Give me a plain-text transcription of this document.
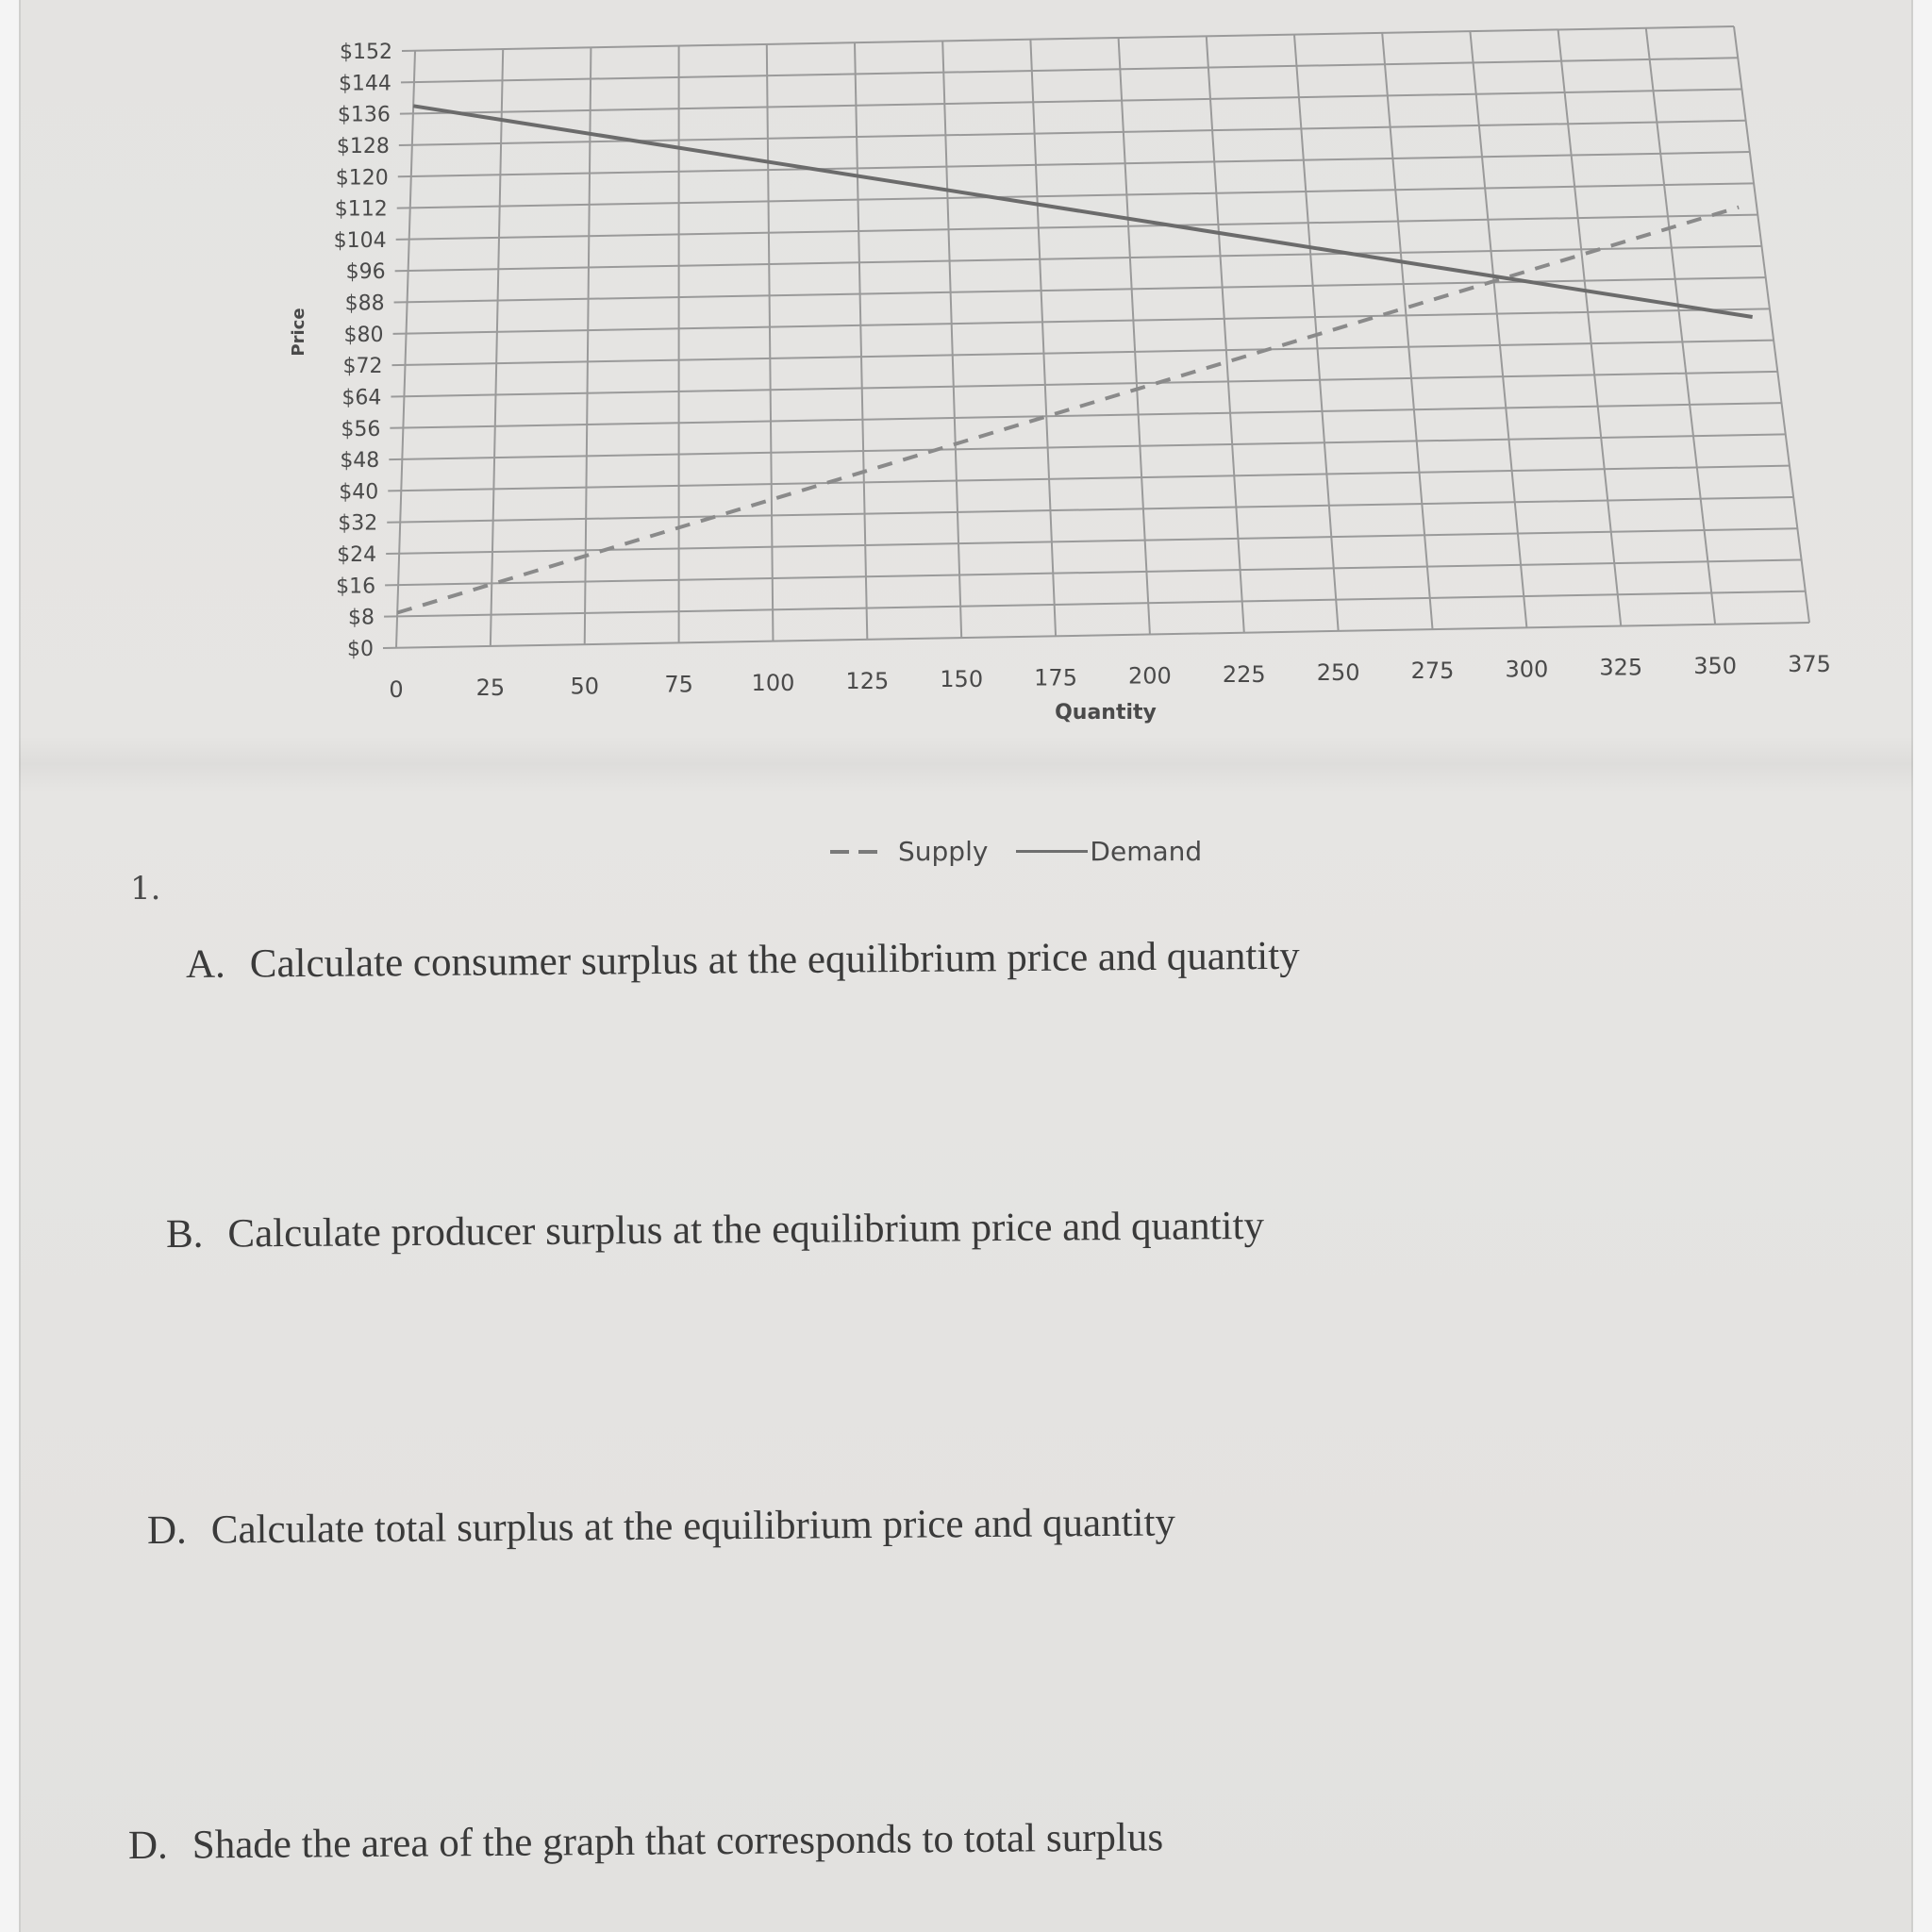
$0
$8
$16
$24
$32
$40
$48
$56
$64
$72
$80
$88
$96
$104
$112
$120
$128
$136
$144
$152
0	25	50	75	100 125 150 175 200 225 250 275 300 325 350 375
Quantity
Price
Supply	Demand
1.
A. Calculate consumer surplus at the equilibrium price and quantity
B. Calculate producer surplus at the equilibrium price and quantity
D. Calculate total surplus at the equilibrium price and quantity
D. Shade the area of the graph that corresponds to total surplus
